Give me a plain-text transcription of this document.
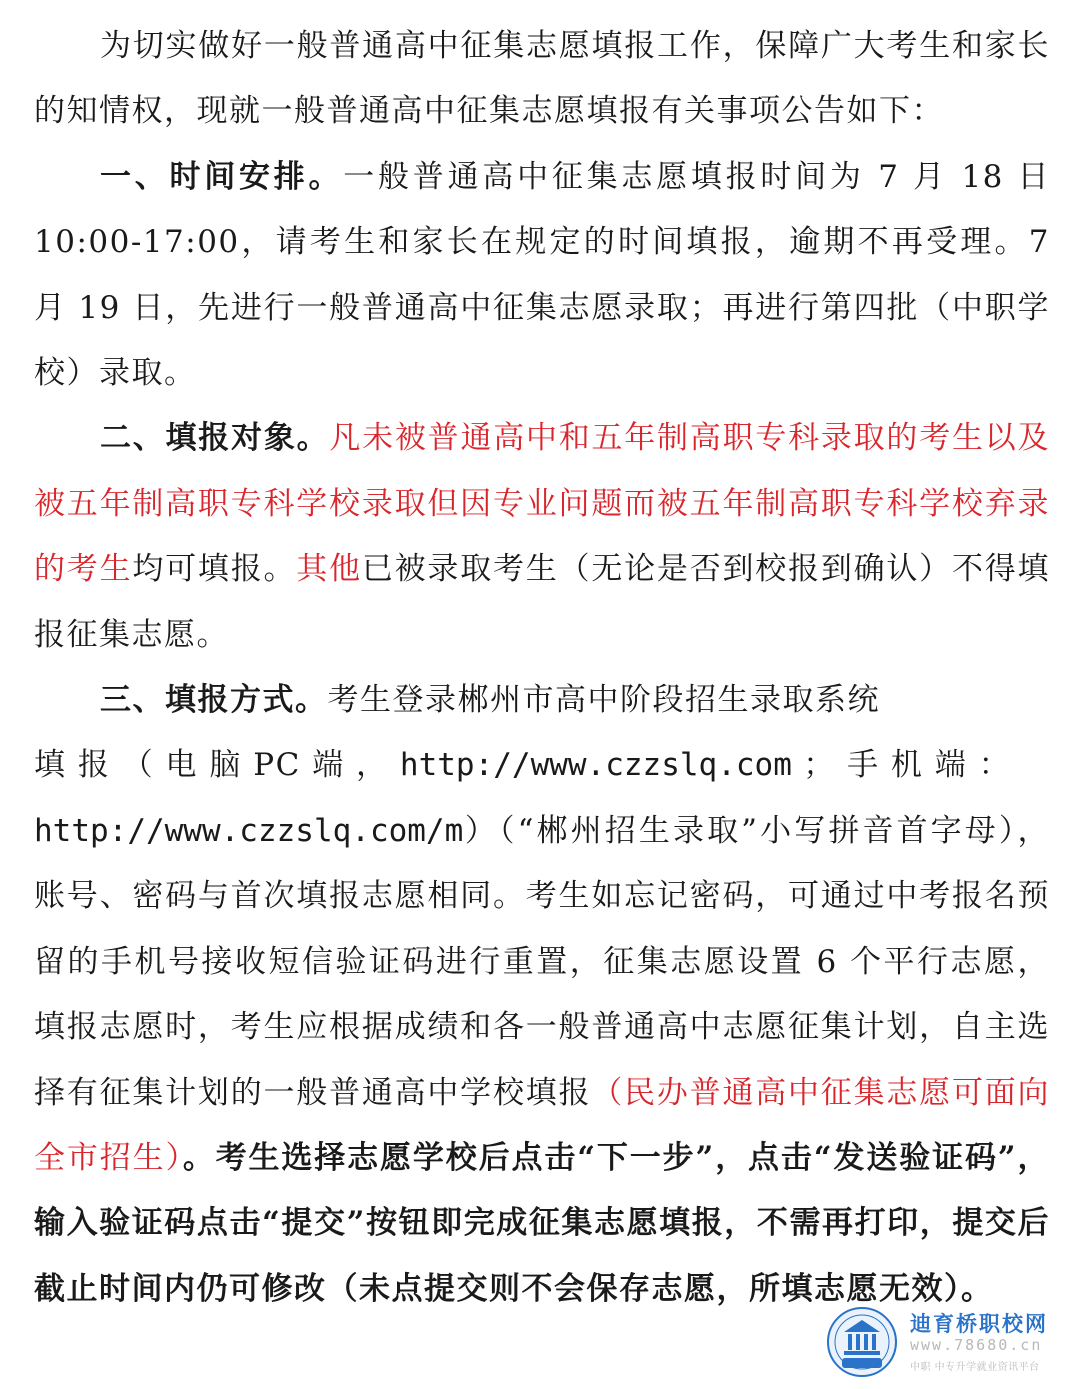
为切实做好一般普通高中征集志愿填报工作，保障广大考生和家长的知情权，现就一般普通高中征集志愿填报有关事项公告如下：

一、时间安排。一般普通高中征集志愿填报时间为 7 月 18 日 10:00-17:00，请考生和家长在规定的时间填报，逾期不再受理。7 月 19 日，先进行一般普通高中征集志愿录取；再进行第四批（中职学校）录取。

二、填报对象。凡未被普通高中和五年制高职专科录取的考生以及被五年制高职专科学校录取但因专业问题而被五年制高职专科学校弃录的考生均可填报。其他已被录取考生（无论是否到校报到确认）不得填报征集志愿。

三、填报方式。考生登录郴州市高中阶段招生录取系统

填 报 （ 电 脑 PC 端 ， http://www.czzslq.com ； 手 机 端 ：

http://www.czzslq.com/m）（“郴州招生录取”小写拼音首字母），账号、密码与首次填报志愿相同。考生如忘记密码，可通过中考报名预留的手机号接收短信验证码进行重置，征集志愿设置 6 个平行志愿，填报志愿时，考生应根据成绩和各一般普通高中志愿征集计划，自主选择有征集计划的一般普通高中学校填报（民办普通高中征集志愿可面向全市招生）。考生选择志愿学校后点击“下一步”，点击“发送验证码”，输入验证码点击“提交”按钮即完成征集志愿填报，不需再打印，提交后截止时间内仍可修改（未点提交则不会保存志愿，所填志愿无效）。

迪育桥职校网
www.78680.cn
中职 中专升学就业资讯平台
